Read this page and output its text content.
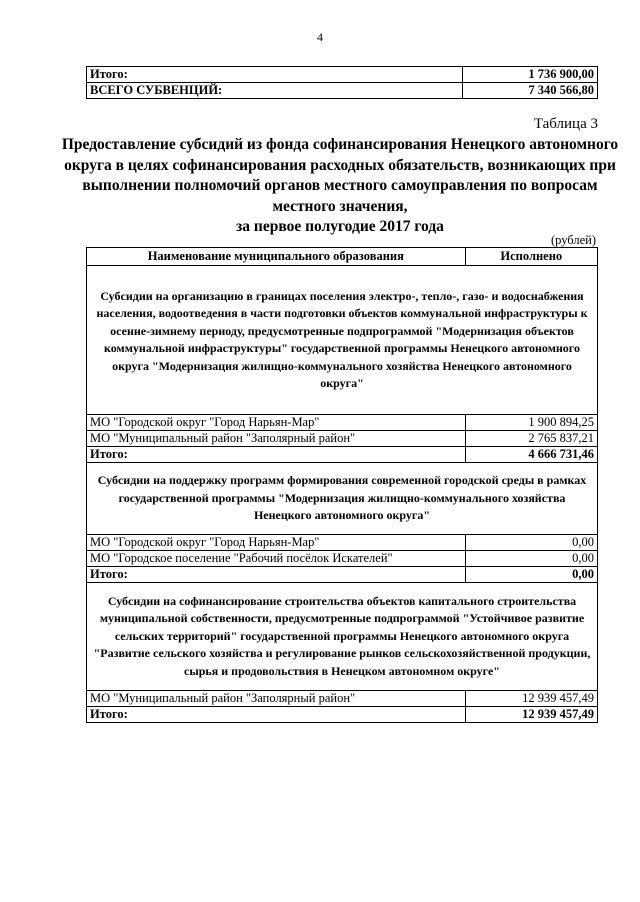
4
Итого:	1 736 900,00
ВСЕГО СУБВЕНЦИЙ:	7 340 566,80
Таблица 3
Предоставление субсидий из фонда софинансирования Ненецкого автономного округа в целях софинансирования расходных обязательств, возникающих при выполнении полномочий органов местного самоуправления по вопросам местного значения,
за первое полугодие 2017 года
(рублей)
Наименование муниципального образования	Исполнено
Субсидии на организацию в границах поселения электро-, тепло-, газо- и водоснабжения населения, водоотведения в части подготовки объектов коммунальной инфраструктуры к осенне-зимнему периоду, предусмотренные подпрограммой "Модернизация объектов коммунальной инфраструктуры" государственной программы Ненецкого автономного округа "Модернизация жилищно-коммунального хозяйства Ненецкого автономного округа"	
МО "Городской округ "Город Нарьян-Мар"	1 900 894,25
МО "Муниципальный район "Заполярный район"	2 765 837,21
Итого:	4 666 731,46
Субсидии на поддержку программ формирования современной городской среды в рамках государственной программы "Модернизация жилищно-коммунального хозяйства Ненецкого автономного округа"	
МО "Городской округ "Город Нарьян-Мар"	0,00
МО "Городское поселение "Рабочий посёлок Искателей"	0,00
Итого:	0,00
Субсидии на софинансирование строительства объектов капитального строительства муниципальной собственности, предусмотренные подпрограммой "Устойчивое развитие сельских территорий" государственной программы Ненецкого автономного округа "Развитие сельского хозяйства и регулирование рынков сельскохозяйственной продукции, сырья и продовольствия в Ненецком автономном округе"	
МО "Муниципальный район "Заполярный район"	12 939 457,49
Итого:	12 939 457,49
